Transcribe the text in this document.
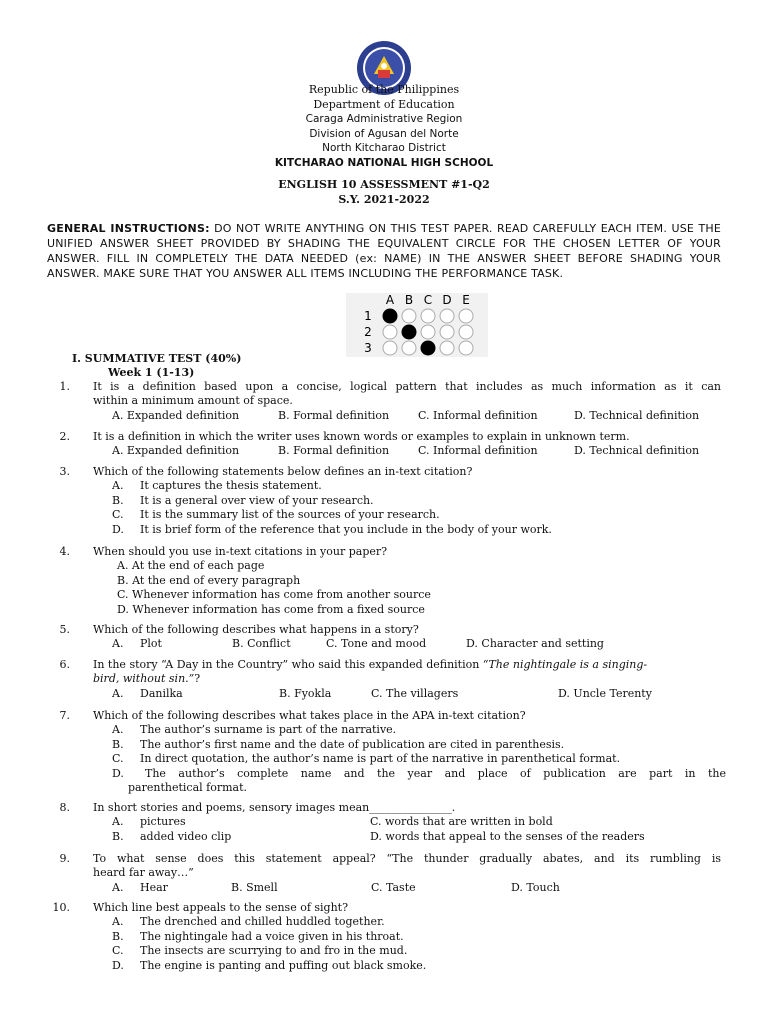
Republic of the Philippines
Department of Education
Caraga Administrative Region
Division of Agusan del Norte
North Kitcharao District
KITCHARAO NATIONAL HIGH SCHOOL
ENGLISH 10 ASSESSMENT #1-Q2
S.Y. 2021-2022
GENERAL INSTRUCTIONS: DO NOT WRITE ANYTHING ON THIS TEST PAPER. READ CAREFULLY EACH ITEM. USE THE UNIFIED ANSWER SHEET PROVIDED BY SHADING THE EQUIVALENT CIRCLE FOR THE CHOSEN LETTER OF YOUR ANSWER. FILL IN COMPLETELY THE DATA NEEDED (ex: NAME) IN THE ANSWER SHEET BEFORE SHADING YOUR ANSWER. MAKE SURE THAT YOU ANSWER ALL ITEMS INCLUDING THE PERFORMANCE TASK.
A B C D E
1
2
3
I. SUMMATIVE TEST (40%)
Week 1 (1-13)
1. It is a definition based upon a concise, logical pattern that includes as much information as it can
within a minimum amount of space.
A. Expanded definition	B. Formal definition	C. Informal definition	D. Technical definition
2. It is a definition in which the writer uses known words or examples to explain in unknown term.
A. Expanded definition	B. Formal definition	C. Informal definition	D. Technical definition
3. Which of the following statements below defines an in-text citation?
A. It captures the thesis statement.
B. It is a general over view of your research.
C. It is the summary list of the sources of your research.
D. It is brief form of the reference that you include in the body of your work.
4. When should you use in-text citations in your paper?
A. At the end of each page
B. At the end of every paragraph
C. Whenever information has come from another source
D. Whenever information has come from a fixed source
5. Which of the following describes what happens in a story?
A. Plot	B. Conflict	C. Tone and mood	D. Character and setting
6. In the story “A Day in the Country” who said this expanded definition “The nightingale is a singing-
bird, without sin.”?
A. Danilka	B. Fyokla	C. The villagers	D. Uncle Terenty
7. Which of the following describes what takes place in the APA in-text citation?
A. The author’s surname is part of the narrative.
B. The author’s first name and the date of publication are cited in parenthesis.
C. In direct quotation, the author’s name is part of the narrative in parenthetical format.
D. The author’s complete name and the year and place of publication are part in the
parenthetical format.
8. In short stories and poems, sensory images mean_______________.
A. pictures
B. added video clip
C. words that are written in bold
D. words that appeal to the senses of the readers
9. To what sense does this statement appeal? “The thunder gradually abates, and its rumbling is
heard far away…”
A. Hear	B. Smell	C. Taste	D. Touch
10. Which line best appeals to the sense of sight?
A. The drenched and chilled huddled together.
B. The nightingale had a voice given in his throat.
C. The insects are scurrying to and fro in the mud.
D. The engine is panting and puffing out black smoke.
